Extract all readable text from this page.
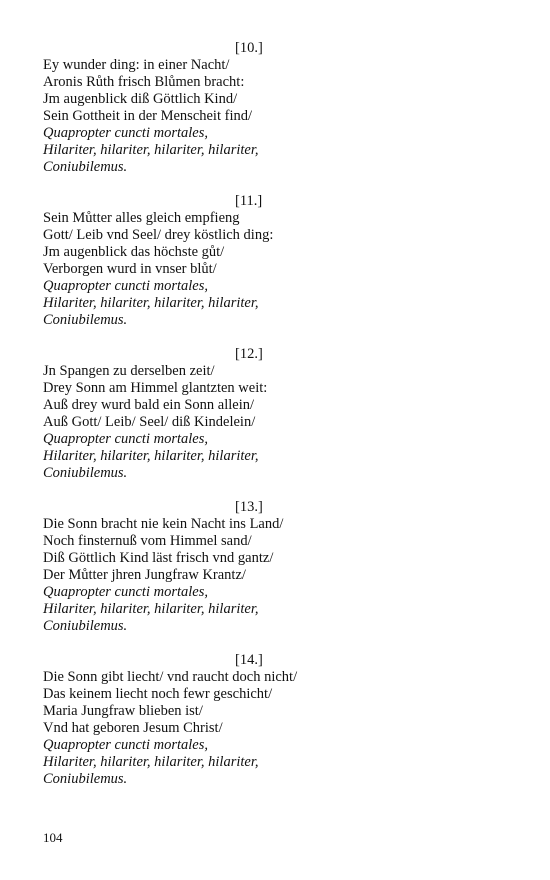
[10.]
Ey wunder ding: in einer Nacht/
Aronis Růth frisch Blůmen bracht:
Jm augenblick diß Göttlich Kind/
Sein Gottheit in der Menscheit find/
Quapropter cuncti mortales,
Hilariter, hilariter, hilariter, hilariter,
Coniubilemus.
[11.]
Sein Můtter alles gleich empfieng
Gott/ Leib vnd Seel/ drey köstlich ding:
Jm augenblick das höchste gůt/
Verborgen wurd in vnser blůt/
Quapropter cuncti mortales,
Hilariter, hilariter, hilariter, hilariter,
Coniubilemus.
[12.]
Jn Spangen zu derselben zeit/
Drey Sonn am Himmel glantzten weit:
Auß drey wurd bald ein Sonn allein/
Auß Gott/ Leib/ Seel/ diß Kindelein/
Quapropter cuncti mortales,
Hilariter, hilariter, hilariter, hilariter,
Coniubilemus.
[13.]
Die Sonn bracht nie kein Nacht ins Land/
Noch finsternuß vom Himmel sand/
Diß Göttlich Kind läst frisch vnd gantz/
Der Můtter jhren Jungfraw Krantz/
Quapropter cuncti mortales,
Hilariter, hilariter, hilariter, hilariter,
Coniubilemus.
[14.]
Die Sonn gibt liecht/ vnd raucht doch nicht/
Das keinem liecht noch fewr geschicht/
Maria Jungfraw blieben ist/
Vnd hat geboren Jesum Christ/
Quapropter cuncti mortales,
Hilariter, hilariter, hilariter, hilariter,
Coniubilemus.
104
